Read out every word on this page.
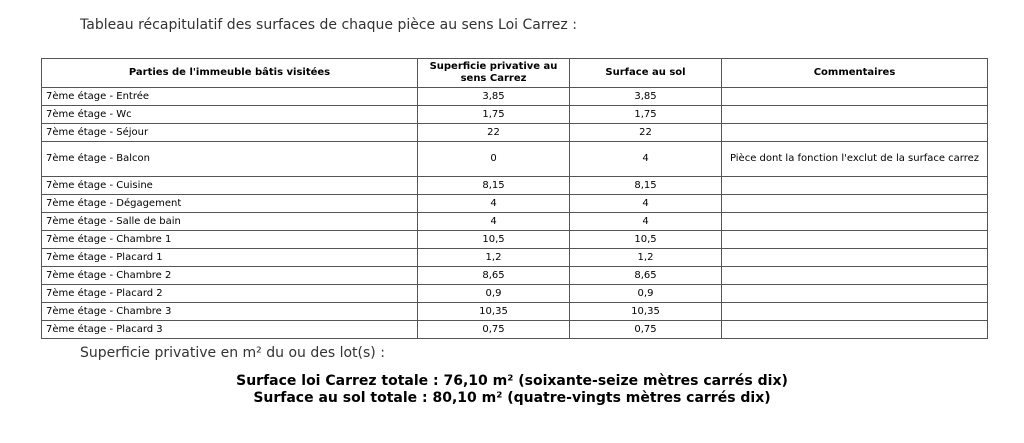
Tableau récapitulatif des surfaces de chaque pièce au sens Loi Carrez :
Parties de l'immeuble bâtis visitées	Superficie privative au sens Carrez	Surface au sol	Commentaires
7ème étage - Entrée	3,85	3,85	
7ème étage - Wc	1,75	1,75	
7ème étage - Séjour	22	22	
7ème étage - Balcon	0	4	Pièce dont la fonction l'exclut de la surface carrez
7ème étage - Cuisine	8,15	8,15	
7ème étage - Dégagement	4	4	
7ème étage - Salle de bain	4	4	
7ème étage - Chambre 1	10,5	10,5	
7ème étage - Placard 1	1,2	1,2	
7ème étage - Chambre 2	8,65	8,65	
7ème étage - Placard 2	0,9	0,9	
7ème étage - Chambre 3	10,35	10,35	
7ème étage - Placard 3	0,75	0,75	
Superficie privative en m² du ou des lot(s) :
Surface loi Carrez totale : 76,10 m² (soixante-seize mètres carrés dix)
Surface au sol totale : 80,10 m² (quatre-vingts mètres carrés dix)
